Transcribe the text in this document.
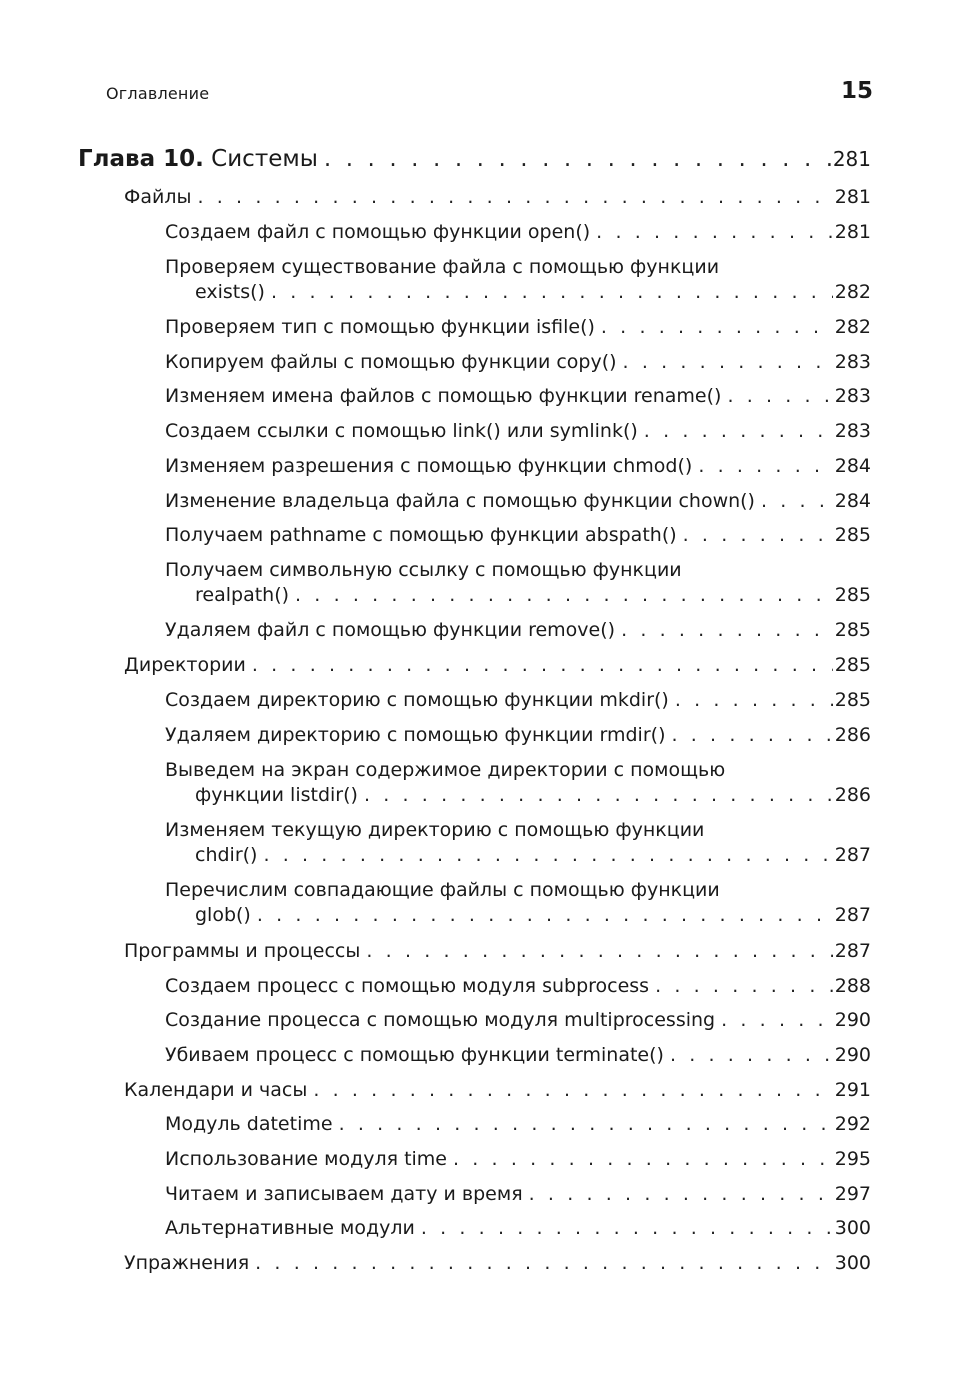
Оглавление	15
Глава 10. Системы . . .	281
Файлы . . .	281
Создаем файл с помощью функции open() . . .	281
Проверяем существование файла с помощью функции
exists() . . .	282
Проверяем тип с помощью функции isfile() . . .	282
Копируем файлы с помощью функции copy() . . .	283
Изменяем имена файлов с помощью функции rename() . . .	283
Создаем ссылки с помощью link() или symlink() . . .	283
Изменяем разрешения с помощью функции chmod() . . .	284
Изменение владельца файла с помощью функции chown() . . .	284
Получаем pathname с помощью функции abspath() . . .	285
Получаем символьную ссылку с помощью функции
realpath() . . .	285
Удаляем файл с помощью функции remove() . . .	285
Директории . . .	285
Создаем директорию с помощью функции mkdir() . . .	285
Удаляем директорию с помощью функции rmdir() . . .	286
Выведем на экран содержимое директории с помощью
функции listdir() . . .	286
Изменяем текущую директорию с помощью функции
chdir() . . .	287
Перечислим совпадающие файлы с помощью функции
glob() . . .	287
Программы и процессы . . .	287
Создаем процесс с помощью модуля subprocess . . .	288
Создание процесса с помощью модуля multiprocessing . . .	290
Убиваем процесс с помощью функции terminate() . . .	290
Календари и часы . . .	291
Модуль datetime . . .	292
Использование модуля time . . .	295
Читаем и записываем дату и время . . .	297
Альтернативные модули . . .	300
Упражнения . . .	300
